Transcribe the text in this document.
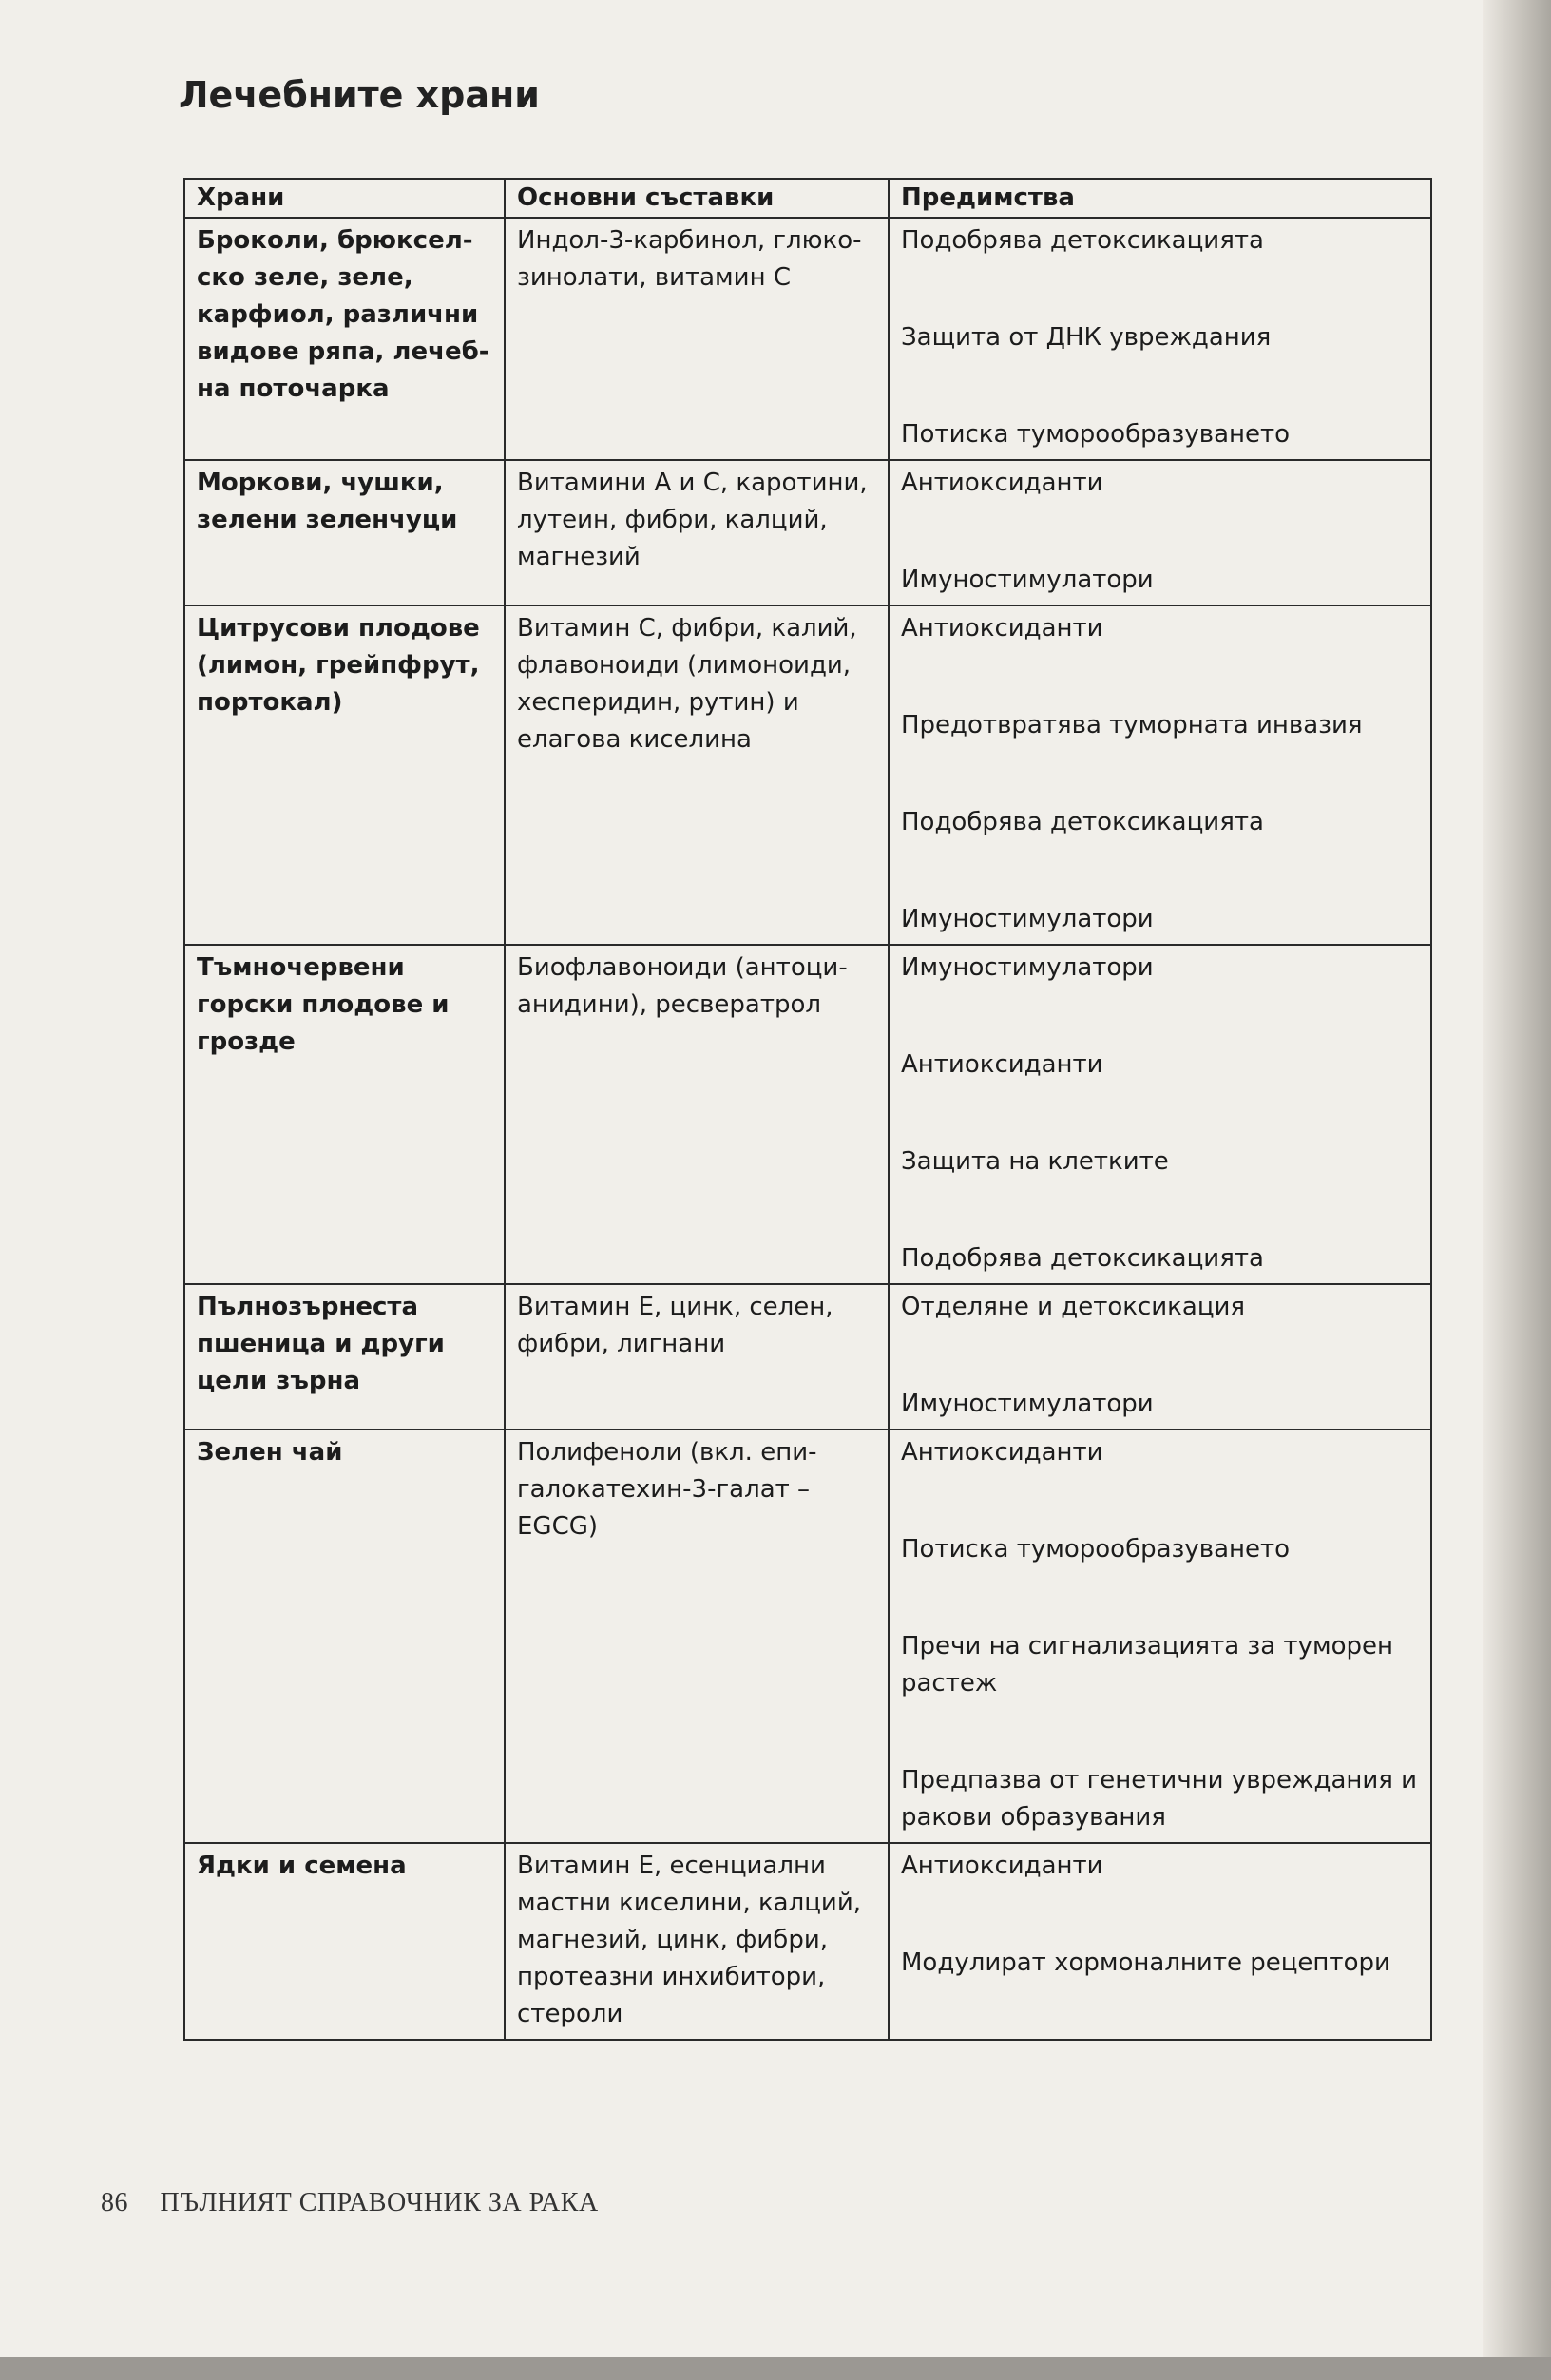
Лечебните храни
Храни	Основни съставки	Предимства
Броколи, брюкселско зеле, зеле, карфиол, различни видове ряпа, лечебна поточарка	Индол-3-карбинол, глюкозинолати, витамин С	Подобрява детоксикацията
Защита от ДНК увреждания
Потиска туморообразуването

Моркови, чушки, зелени зеленчуци	Витамини А и С, каротини, лутеин, фибри, калций, магнезий	Антиоксиданти
Имуностимулатори

Цитрусови плодове (лимон, грейпфрут, портокал)	Витамин С, фибри, калий, флавоноиди (лимоноиди, хесперидин, рутин) и елагова киселина	Антиоксиданти
Предотвратява туморната инвазия
Подобрява детоксикацията
Имуностимулатори

Тъмночервени горски плодове и грозде	Биофлавоноиди (антоцианидини), ресвератрол	Имуностимулатори
Антиоксиданти
Защита на клетките
Подобрява детоксикацията

Пълнозърнеста пшеница и други цели зърна	Витамин Е, цинк, селен, фибри, лигнани	Отделяне и детоксикация
Имуностимулатори

Зелен чай	Полифеноли (вкл. епигалокатехин-3-галат – EGCG)	Антиоксиданти
Потиска туморообразуването
Пречи на сигнализацията за туморен растеж
Предпазва от генетични увреждания и ракови образувания

Ядки и семена	Витамин Е, есенциални мастни киселини, калций, магнезий, цинк, фибри, протеазни инхибитори, стероли	Антиоксиданти
Модулират хормоналните рецептори
86 ПЪЛНИЯТ СПРАВОЧНИК ЗА РАКА
